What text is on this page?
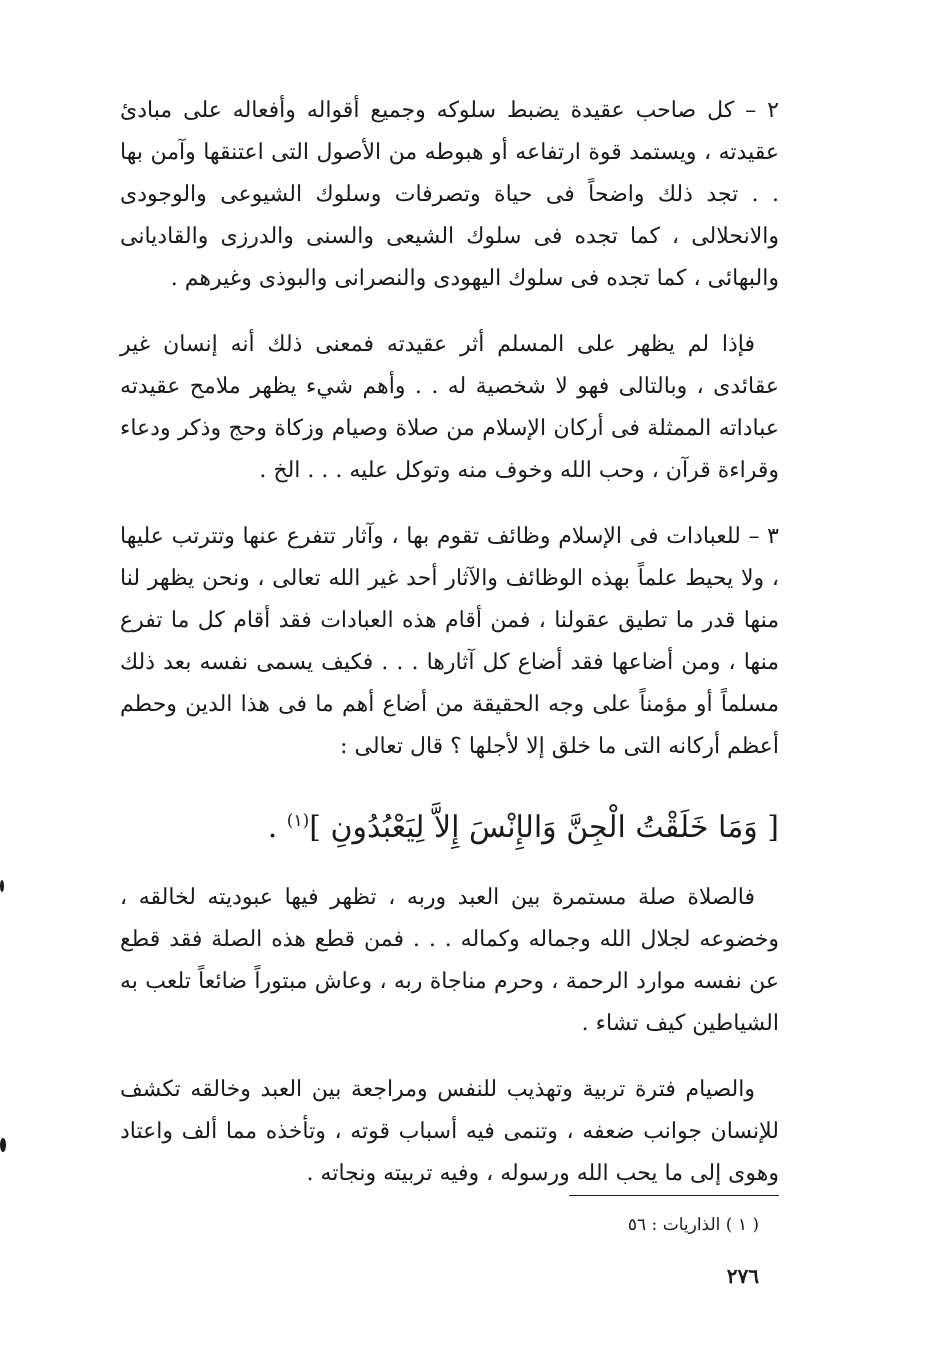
٢ – كل صاحب عقيدة يضبط سلوكه وجميع أقواله وأفعاله على مبادئ عقيدته ، ويستمد قوة ارتفاعه أو هبوطه من الأصول التى اعتنقها وآمن بها . . تجد ذلك واضحاً فى حياة وتصرفات وسلوك الشيوعى والوجودى والانحلالى ، كما تجده فى سلوك الشيعى والسنى والدرزى والقاديانى والبهائى ، كما تجده فى سلوك اليهودى والنصرانى والبوذى وغيرهم .

فإذا لم يظهر على المسلم أثر عقيدته فمعنى ذلك أنه إنسان غير عقائدى ، وبالتالى فهو لا شخصية له . . وأهم شيء يظهر ملامح عقيدته عباداته الممثلة فى أركان الإسلام من صلاة وصيام وزكاة وحج وذكر ودعاء وقراءة قرآن ، وحب الله وخوف منه وتوكل عليه . . . الخ .

٣ – للعبادات فى الإسلام وظائف تقوم بها ، وآثار تتفرع عنها وتترتب عليها ، ولا يحيط علماً بهذه الوظائف والآثار أحد غير الله تعالى ، ونحن يظهر لنا منها قدر ما تطيق عقولنا ، فمن أقام هذه العبادات فقد أقام كل ما تفرع منها ، ومن أضاعها فقد أضاع كل آثارها . . . فكيف يسمى نفسه بعد ذلك مسلماً أو مؤمناً على وجه الحقيقة من أضاع أهم ما فى هذا الدين وحطم أعظم أركانه التى ما خلق إلا لأجلها ؟ قال تعالى :

[ وَمَا خَلَقْتُ الْجِنَّ وَالإِنْسَ إِلاَّ لِيَعْبُدُونِ ]$^{(١)}$ .

فالصلاة صلة مستمرة بين العبد وربه ، تظهر فيها عبوديته لخالقه ، وخضوعه لجلال الله وجماله وكماله . . . فمن قطع هذه الصلة فقد قطع عن نفسه موارد الرحمة ، وحرم مناجاة ربه ، وعاش مبتوراً ضائعاً تلعب به الشياطين كيف تشاء .

والصيام فترة تربية وتهذيب للنفس ومراجعة بين العبد وخالقه تكشف للإنسان جوانب ضعفه ، وتنمى فيه أسباب قوته ، وتأخذه مما ألف واعتاد وهوى إلى ما يحب الله ورسوله ، وفيه تربيته ونجاته .

( ١ ) الذاريات : ٥٦
٢٧٦
